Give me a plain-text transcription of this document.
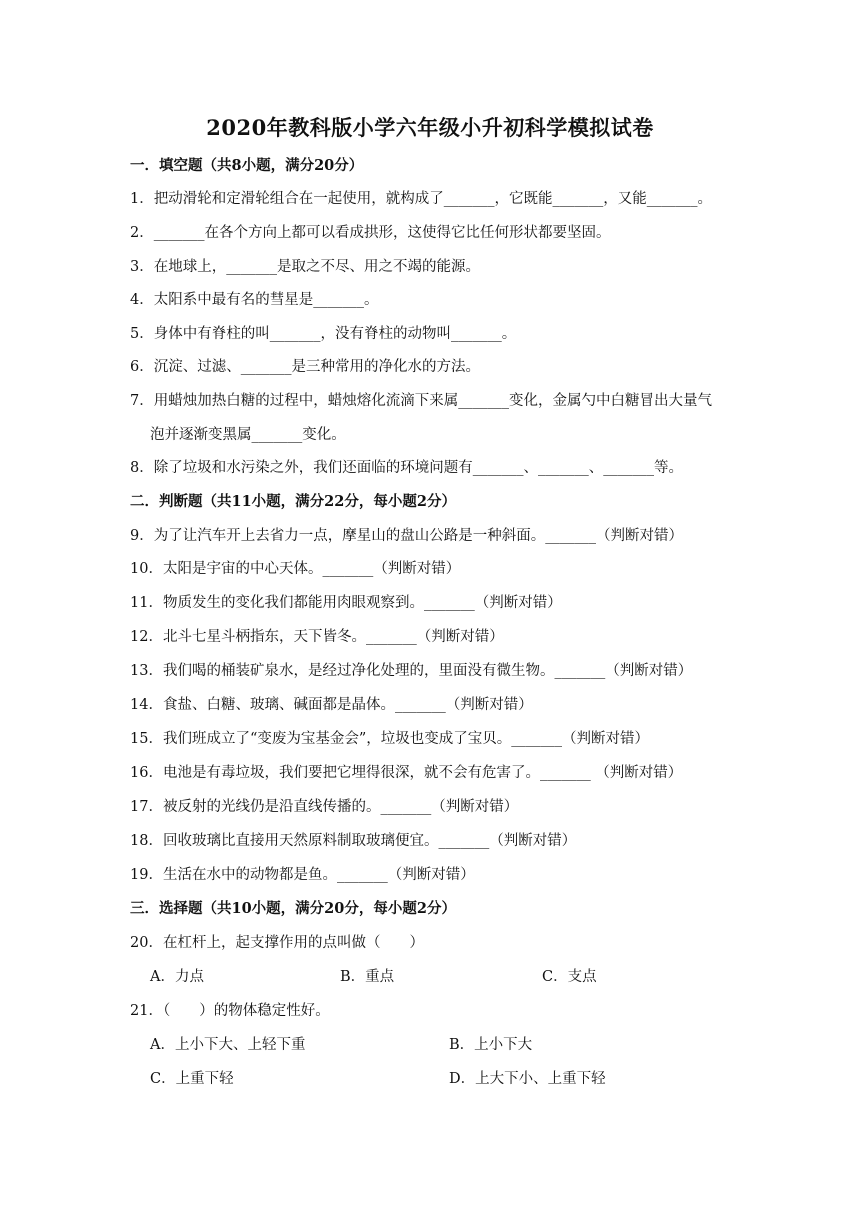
2020年教科版小学六年级小升初科学模拟试卷
一．填空题（共8小题，满分20分）
1．把动滑轮和定滑轮组合在一起使用，就构成了_______，它既能_______，又能_______。
2．_______在各个方向上都可以看成拱形，这使得它比任何形状都要坚固。
3．在地球上，_______是取之不尽、用之不竭的能源。
4．太阳系中最有名的彗星是_______。
5．身体中有脊柱的叫_______，没有脊柱的动物叫_______。
6．沉淀、过滤、_______是三种常用的净化水的方法。
7．用蜡烛加热白糖的过程中，蜡烛熔化流滴下来属_______变化，金属勺中白糖冒出大量气
泡并逐渐变黑属_______变化。
8．除了垃圾和水污染之外，我们还面临的环境问题有_______、_______、_______等。
二．判断题（共11小题，满分22分，每小题2分）
9．为了让汽车开上去省力一点，摩星山的盘山公路是一种斜面。_______（判断对错）
10．太阳是宇宙的中心天体。_______（判断对错）
11．物质发生的变化我们都能用肉眼观察到。_______（判断对错）
12．北斗七星斗柄指东，天下皆冬。_______（判断对错）
13．我们喝的桶装矿泉水，是经过净化处理的，里面没有微生物。_______（判断对错）
14．食盐、白糖、玻璃、碱面都是晶体。_______（判断对错）
15．我们班成立了“变废为宝基金会”，垃圾也变成了宝贝。_______（判断对错）
16．电池是有毒垃圾，我们要把它埋得很深，就不会有危害了。_______ （判断对错）
17．被反射的光线仍是沿直线传播的。_______（判断对错）
18．回收玻璃比直接用天然原料制取玻璃便宜。_______（判断对错）
19．生活在水中的动物都是鱼。_______（判断对错）
三．选择题（共10小题，满分20分，每小题2分）
20．在杠杆上，起支撑作用的点叫做（　　）
A．力点	B．重点	C．支点
21．（　　）的物体稳定性好。
A．上小下大、上轻下重	B．上小下大
C．上重下轻	D．上大下小、上重下轻
